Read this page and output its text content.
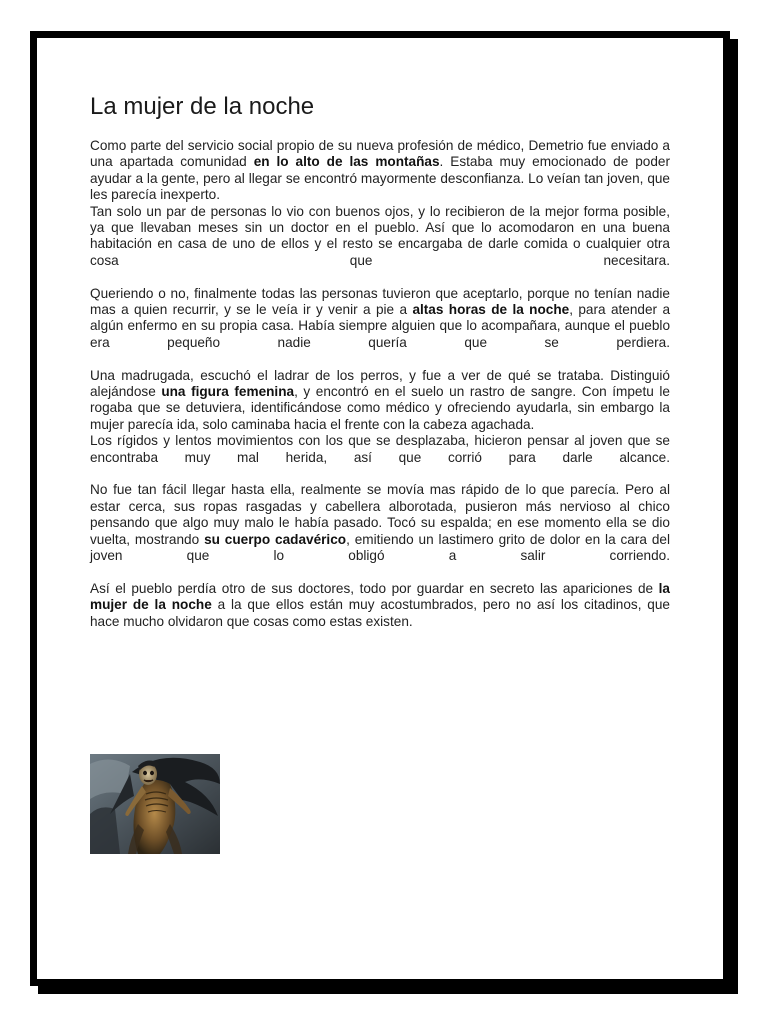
La mujer de la noche

Como parte del servicio social propio de su nueva profesión de médico, Demetrio fue enviado a una apartada comunidad en lo alto de las montañas. Estaba muy emocionado de poder ayudar a la gente, pero al llegar se encontró mayormente desconfianza. Lo veían tan joven, que les parecía inexperto.

Tan solo un par de personas lo vio con buenos ojos, y lo recibieron de la mejor forma posible, ya que llevaban meses sin un doctor en el pueblo. Así que lo acomodaron en una buena habitación en casa de uno de ellos y el resto se encargaba de darle comida o cualquier otra cosa que necesitara.

Queriendo o no, finalmente todas las personas tuvieron que aceptarlo, porque no tenían nadie mas a quien recurrir, y se le veía ir y venir a pie a altas horas de la noche, para atender a algún enfermo en su propia casa. Había siempre alguien que lo acompañara, aunque el pueblo era pequeño nadie quería que se perdiera.

Una madrugada, escuchó el ladrar de los perros, y fue a ver de qué se trataba. Distinguió alejándose una figura femenina, y encontró en el suelo un rastro de sangre. Con ímpetu le rogaba que se detuviera, identificándose como médico y ofreciendo ayudarla, sin embargo la mujer parecía ida, solo caminaba hacia el frente con la cabeza agachada.

Los rígidos y lentos movimientos con los que se desplazaba, hicieron pensar al joven que se encontraba muy mal herida, así que corrió para darle alcance.

No fue tan fácil llegar hasta ella, realmente se movía mas rápido de lo que parecía. Pero al estar cerca, sus ropas rasgadas y cabellera alborotada, pusieron más nervioso al chico pensando que algo muy malo le había pasado. Tocó su espalda; en ese momento ella se dio vuelta, mostrando su cuerpo cadavérico, emitiendo un lastimero grito de dolor en la cara del joven que lo obligó a salir corriendo.

Así el pueblo perdía otro de sus doctores, todo por guardar en secreto las apariciones de la mujer de la noche a la que ellos están muy acostumbrados, pero no así los citadinos, que hace mucho olvidaron que cosas como estas existen.
